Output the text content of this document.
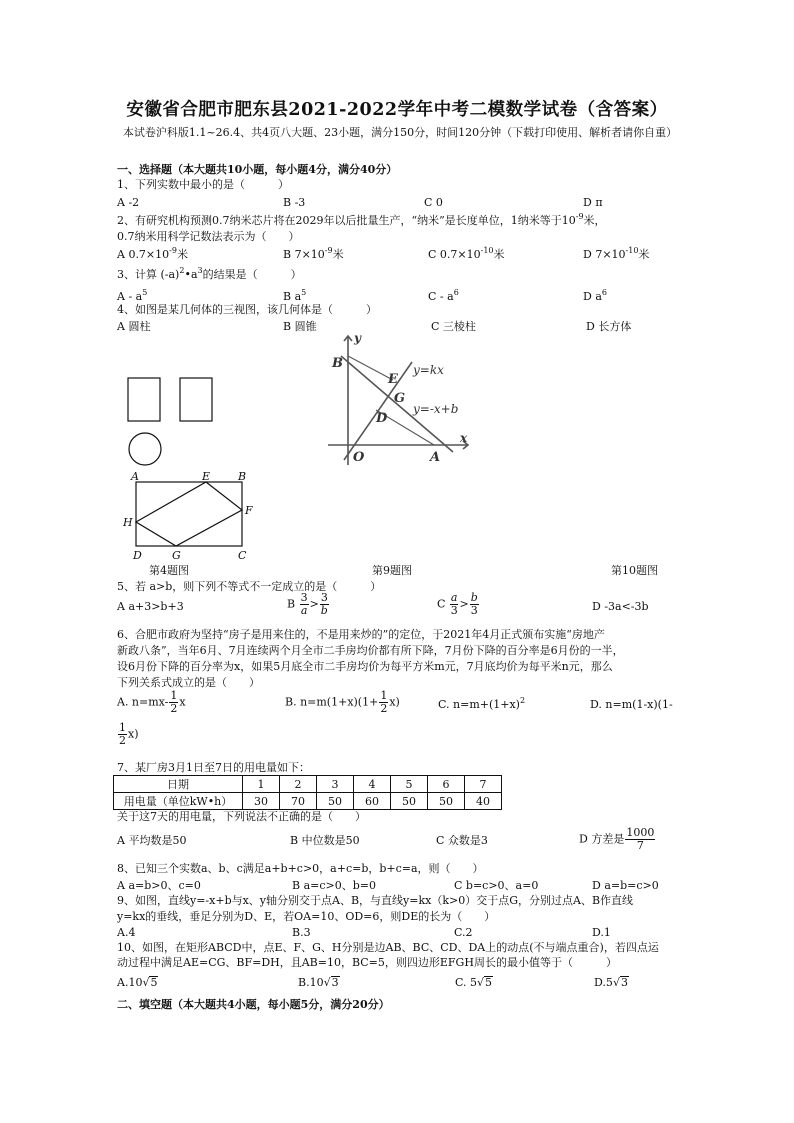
安徽省合肥市肥东县2021-2022学年中考二模数学试卷（含答案）
本试卷沪科版1.1~26.4、共4页八大题、23小题，满分150分，时间120分钟（下载打印使用、解析者请你自重）
一、选择题（本大题共10小题，每小题4分，满分40分）
1、下列实数中最小的是（　　　）
A -2	B -3	C 0	D π
2、有研究机构预测0.7纳米芯片将在2029年以后批量生产，“纳米”是长度单位，1纳米等于$10^{-9}$米，
0.7纳米用科学记数法表示为（　　）
A $0.7\times 10^{-9}$米	B $7\times 10^{-9}$米	C $0.7\times 10^{-10}$米	D $7\times 10^{-10}$米
3、计算 $(-a)^2•a^3$的结果是（　　　）
A - $a^5$	B $a^5$	C - $a^6$	D $a^6$
4、如图是某几何体的三视图，该几何体是（　　　）
A 圆柱	B 圆锥	C 三棱柱	D 长方体
B
E
G
D
O	A
x
y
y=kx
y=-x+b
A	E	B
H
F
D	G	C
第4题图	第9题图	第10题图
5、若 a>b，则下列不等式不一定成立的是（　　　）
A a+3>b+3	B $\frac{3}{a} > \frac{3}{b}$	C $\frac{a}{3} > \frac{b}{3}$	D -3a<-3b
6、合肥市政府为坚持“房子是用来住的，不是用来炒的”的定位，于2021年4月正式颁布实施“房地产
新政八条”，当年6月、7月连续两个月全市二手房均价都有所下降，7月份下降的百分率是6月份的一半，
设6月份下降的百分率为x，如果5月底全市二手房均价为每平方米m元，7月底均价为每平米n元，那么
下列关系式成立的是（　　）
A. $n=mx- \frac{1}{2}$ x	B. $n=m(1+x)(1+ \frac{1}{2} x)$	C. $n=m+(1+x)^2$	D. n=m(1-x)(1-
$\frac{1}{2} x$)
7、某厂房3月1日至7日的用电量如下：
日期	1	2	3	4	5	6	7
用电量（单位kW•h）	30	70	50	60	50	50	40
关于这7天的用电量，下列说法不正确的是（　　）
A 平均数是50	B 中位数是50	C 众数是3	D 方差是 $\frac{1000}{7}$
8、已知三个实数a、b、c满足a+b+c>0，a+c=b，b+c=a，则（　　）
A a=b>0、c=0	B a=c>0、b=0	C b=c>0、a=0	D a=b=c>0
9、如图，直线y=-x+b与x、y轴分别交于点A、B，与直线y=kx（k>0）交于点G，分别过点A、B作直线
y=kx的垂线，垂足分别为D、E，若OA=10、OD=6，则DE的长为（　　）
A.4	B.3	C.2	D.1
10、如图，在矩形ABCD中，点E、F、G、H分别是边AB、BC、CD、DA上的动点(不与端点重合)，若四点运
动过程中满足AE=CG、BF=DH，且AB=10，BC=5，则四边形EFGH周长的最小值等于（　　　）
A.10√5	B.10√3	C. 5√5	D.5√3
二、填空题（本大题共4小题，每小题5分，满分20分）
